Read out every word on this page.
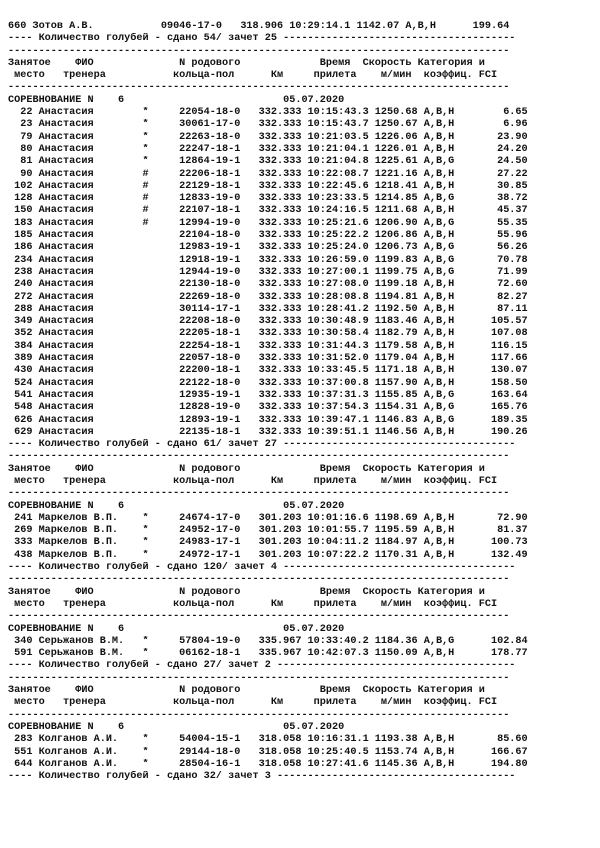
660 Зотов А.В.           09046-17-0   318.906 10:29:14.1 1142.07 A,B,H      199.64
---- Количество голубей - сдано 54/ зачет 25 --------------------------------------
----------------------------------------------------------------------------------
Занятое    ФИО              N родового             Время  Скорость Категория и
место   тренера           кольца-пол      Км     прилета    м/мин  коэффиц. FCI
----------------------------------------------------------------------------------
СОРЕВНОВАНИЕ N    6                          05.07.2020
22 Анастасия        *     22054-18-0   332.333 10:15:43.3 1250.68 A,B,H        6.65
23 Анастасия        *     30061-17-0   332.333 10:15:43.7 1250.67 A,B,H        6.96
79 Анастасия        *     22263-18-0   332.333 10:21:03.5 1226.06 A,B,H       23.90
80 Анастасия        *     22247-18-1   332.333 10:21:04.1 1226.01 A,B,H       24.20
81 Анастасия        *     12864-19-1   332.333 10:21:04.8 1225.61 A,B,G       24.50
90 Анастасия        #     22206-18-1   332.333 10:22:08.7 1221.16 A,B,H       27.22
102 Анастасия        #     22129-18-1   332.333 10:22:45.6 1218.41 A,B,H       30.85
128 Анастасия        #     12833-19-0   332.333 10:23:33.5 1214.85 A,B,G       38.72
150 Анастасия        #     22107-18-1   332.333 10:24:16.5 1211.68 A,B,H       45.37
183 Анастасия        #     12994-19-0   332.333 10:25:21.6 1206.90 A,B,G       55.35
185 Анастасия              22104-18-0   332.333 10:25:22.2 1206.86 A,B,H       55.96
186 Анастасия              12983-19-1   332.333 10:25:24.0 1206.73 A,B,G       56.26
234 Анастасия              12918-19-1   332.333 10:26:59.0 1199.83 A,B,G       70.78
238 Анастасия              12944-19-0   332.333 10:27:00.1 1199.75 A,B,G       71.99
240 Анастасия              22130-18-0   332.333 10:27:08.0 1199.18 A,B,H       72.60
272 Анастасия              22269-18-0   332.333 10:28:08.8 1194.81 A,B,H       82.27
288 Анастасия              30114-17-1   332.333 10:28:41.2 1192.50 A,B,H       87.11
349 Анастасия              22208-18-0   332.333 10:30:48.9 1183.46 A,B,H      105.57
352 Анастасия              22205-18-1   332.333 10:30:58.4 1182.79 A,B,H      107.08
384 Анастасия              22254-18-1   332.333 10:31:44.3 1179.58 A,B,H      116.15
389 Анастасия              22057-18-0   332.333 10:31:52.0 1179.04 A,B,H      117.66
430 Анастасия              22200-18-1   332.333 10:33:45.5 1171.18 A,B,H      130.07
524 Анастасия              22122-18-0   332.333 10:37:00.8 1157.90 A,B,H      158.50
541 Анастасия              12935-19-1   332.333 10:37:31.3 1155.85 A,B,G      163.64
548 Анастасия              12828-19-0   332.333 10:37:54.3 1154.31 A,B,G      165.76
626 Анастасия              12893-19-1   332.333 10:39:47.1 1146.83 A,B,G      189.35
629 Анастасия              22135-18-1   332.333 10:39:51.1 1146.56 A,B,H      190.26
---- Количество голубей - сдано 61/ зачет 27 --------------------------------------
----------------------------------------------------------------------------------
Занятое    ФИО              N родового             Время  Скорость Категория и
место   тренера           кольца-пол      Км     прилета    м/мин  коэффиц. FCI
----------------------------------------------------------------------------------
СОРЕВНОВАНИЕ N    6                          05.07.2020
241 Маркелов В.П.    *     24674-17-0   301.203 10:01:16.6 1198.69 A,B,H       72.90
269 Маркелов В.П.    *     24952-17-0   301.203 10:01:55.7 1195.59 A,B,H       81.37
333 Маркелов В.П.    *     24983-17-1   301.203 10:04:11.2 1184.97 A,B,H      100.73
438 Маркелов В.П.    *     24972-17-1   301.203 10:07:22.2 1170.31 A,B,H      132.49
---- Количество голубей - сдано 120/ зачет 4 --------------------------------------
----------------------------------------------------------------------------------
Занятое    ФИО              N родового             Время  Скорость Категория и
место   тренера           кольца-пол      Км     прилета    м/мин  коэффиц. FCI
----------------------------------------------------------------------------------
СОРЕВНОВАНИЕ N    6                          05.07.2020
340 Серьжанов В.М.   *     57804-19-0   335.967 10:33:40.2 1184.36 A,B,G      102.84
591 Серьжанов В.М.   *     06162-18-1   335.967 10:42:07.3 1150.09 A,B,H      178.77
---- Количество голубей - сдано 27/ зачет 2 ---------------------------------------
----------------------------------------------------------------------------------
Занятое    ФИО              N родового             Время  Скорость Категория и
место   тренера           кольца-пол      Км     прилета    м/мин  коэффиц. FCI
----------------------------------------------------------------------------------
СОРЕВНОВАНИЕ N    6                          05.07.2020
283 Колганов А.И.    *     54004-15-1   318.058 10:16:31.1 1193.38 A,B,H       85.60
551 Колганов А.И.    *     29144-18-0   318.058 10:25:40.5 1153.74 A,B,H      166.67
644 Колганов А.И.    *     28504-16-1   318.058 10:27:41.6 1145.36 A,B,H      194.80
---- Количество голубей - сдано 32/ зачет 3 ---------------------------------------
